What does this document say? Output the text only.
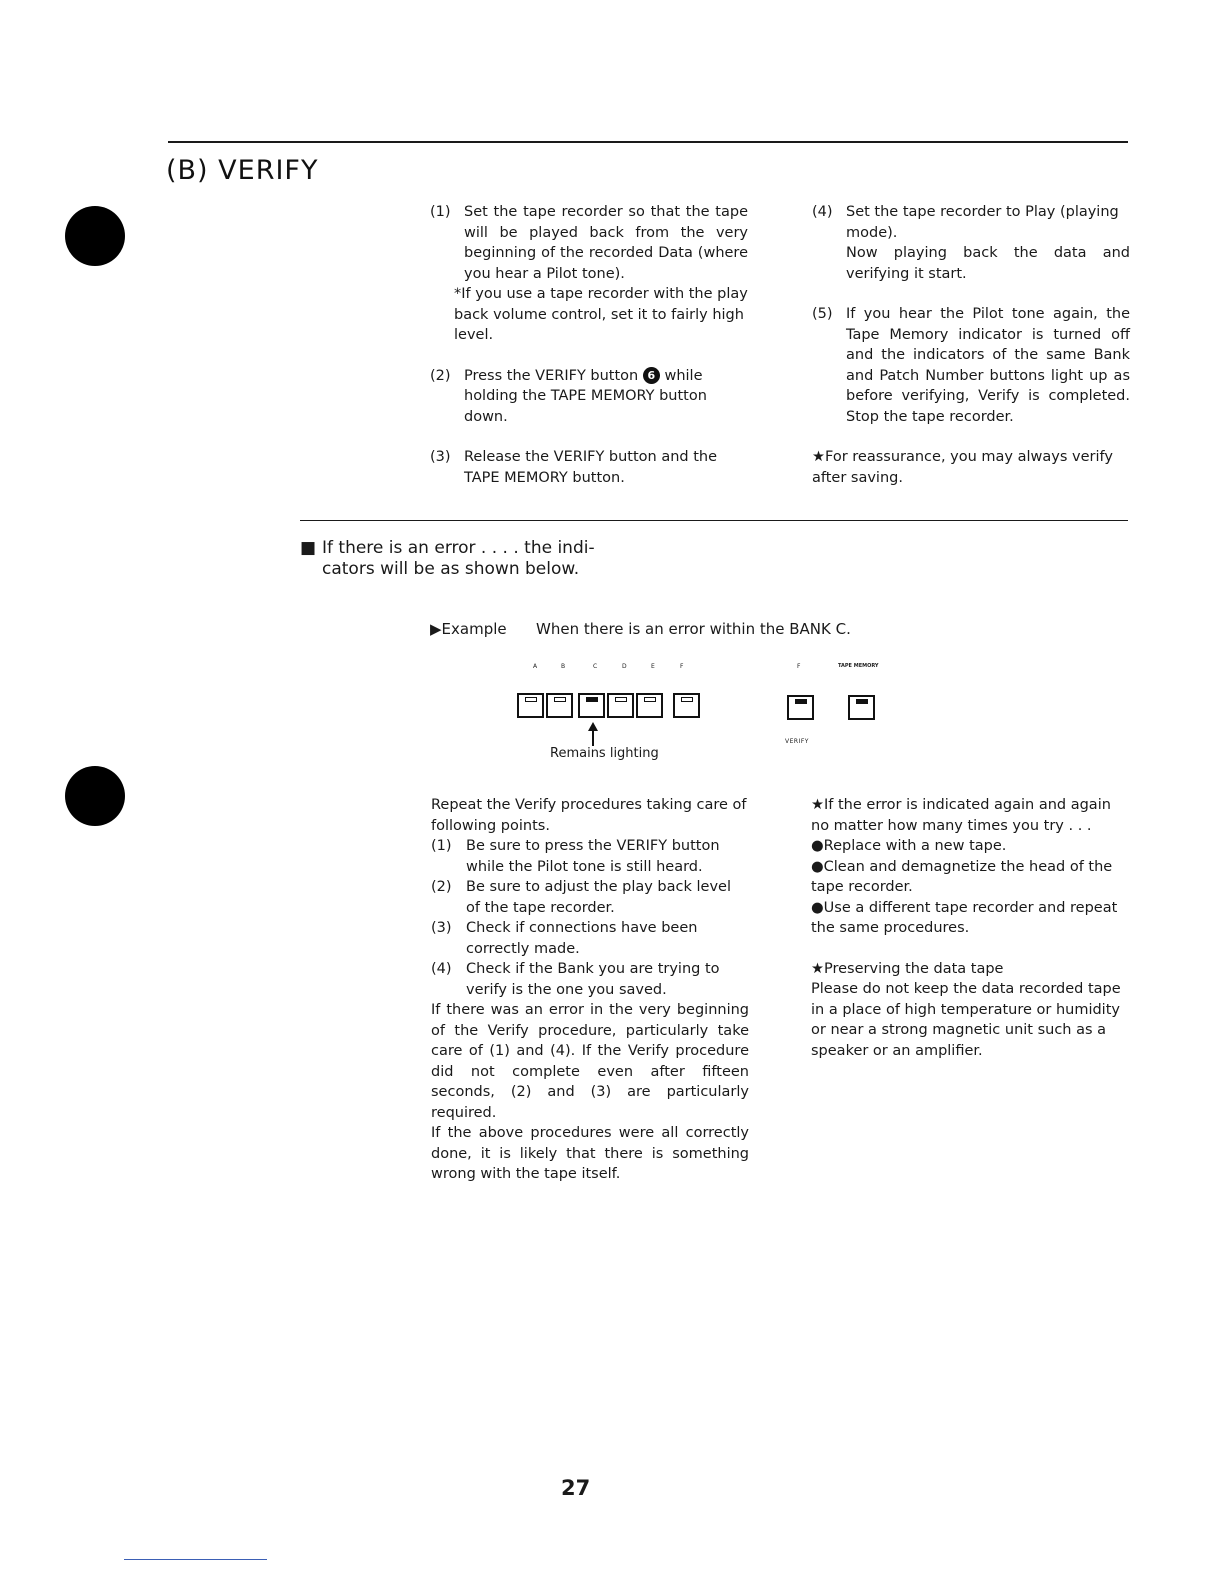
(B) VERIFY
(1) Set the tape recorder so that the tape will be played back from the very beginning of the recorded Data (where you hear a Pilot tone).
*If you use a tape recorder with the play back volume control, set it to fairly high level.
(2) Press the VERIFY button 6 while holding the TAPE MEMORY button down.
(3) Release the VERIFY button and the TAPE MEMORY button.
(4) Set the tape recorder to Play (playing mode).
Now playing back the data and verifying it start.
(5) If you hear the Pilot tone again, the Tape Memory indicator is turned off and the indicators of the same Bank and Patch Number buttons light up as before verifying, Verify is completed. Stop the tape recorder.
★For reassurance, you may always verify after saving.
■ If there is an error . . . . the indi-
cators will be as shown below.
▶Example When there is an error within the BANK C.
A	B	C	D	E	F
Remains lighting
F
VERIFY
TAPE MEMORY
Repeat the Verify procedures taking care of following points.
(1) Be sure to press the VERIFY button while the Pilot tone is still heard.
(2) Be sure to adjust the play back level of the tape recorder.
(3) Check if connections have been correctly made.
(4) Check if the Bank you are trying to verify is the one you saved.
If there was an error in the very beginning of the Verify procedure, particularly take care of (1) and (4). If the Verify procedure did not complete even after fifteen seconds, (2) and (3) are particularly required.
If the above procedures were all correctly done, it is likely that there is something wrong with the tape itself.
★If the error is indicated again and again no matter how many times you try . . .
●Replace with a new tape.
●Clean and demagnetize the head of the tape recorder.
●Use a different tape recorder and repeat the same procedures.
★Preserving the data tape
Please do not keep the data recorded tape in a place of high temperature or humidity or near a strong magnetic unit such as a speaker or an amplifier.
27
